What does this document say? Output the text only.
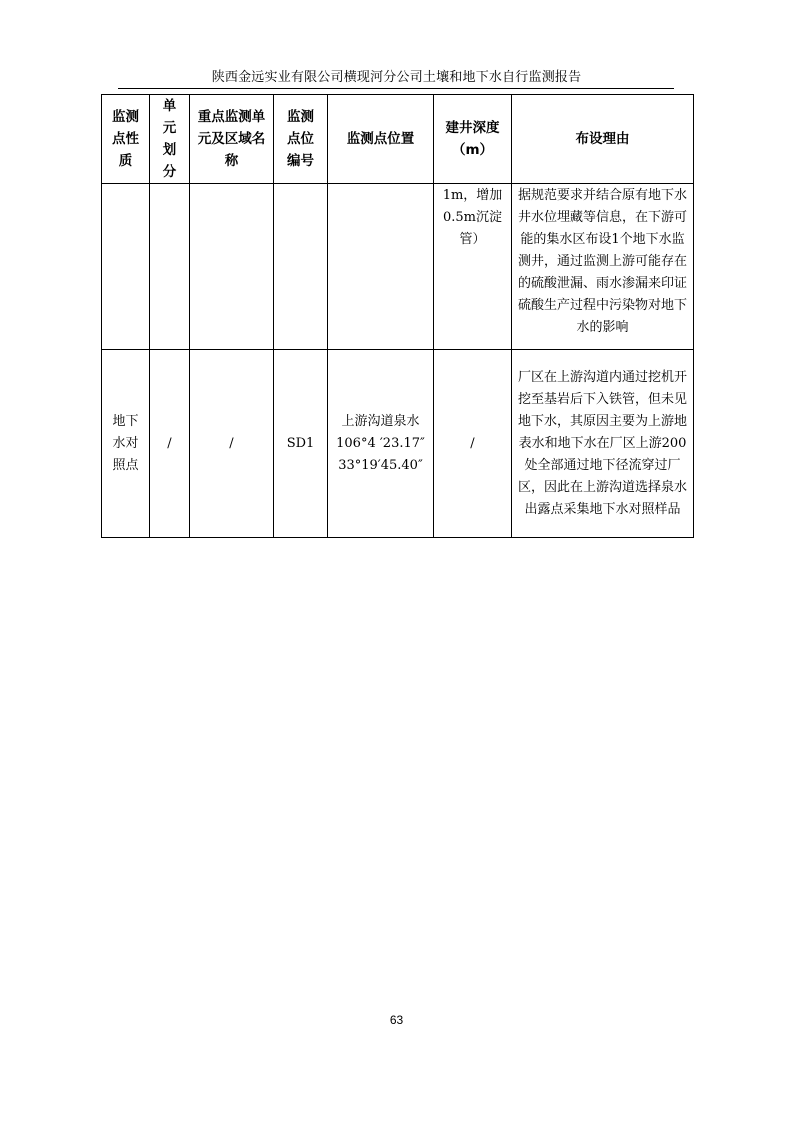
陕西金远实业有限公司横现河分公司土壤和地下水自行监测报告
监测点性质	单元划分	重点监测单元及区域名称	监测点位编号	监测点位置	建井深度（m）	布设理由

					1m，增加0.5m沉淀管）	据规范要求并结合原有地下水井水位埋藏等信息，在下游可能的集水区布设1个地下水监测井，通过监测上游可能存在的硫酸泄漏、雨水渗漏来印证硫酸生产过程中污染物对地下水的影响

地下水对照点	/	/	SD1	上游沟道泉水
106°4 ′23.17″
33°19′45.40″	/	厂区在上游沟道内通过挖机开挖至基岩后下入铁管，但未见地下水，其原因主要为上游地表水和地下水在厂区上游200处全部通过地下径流穿过厂区，因此在上游沟道选择泉水出露点采集地下水对照样品
63
